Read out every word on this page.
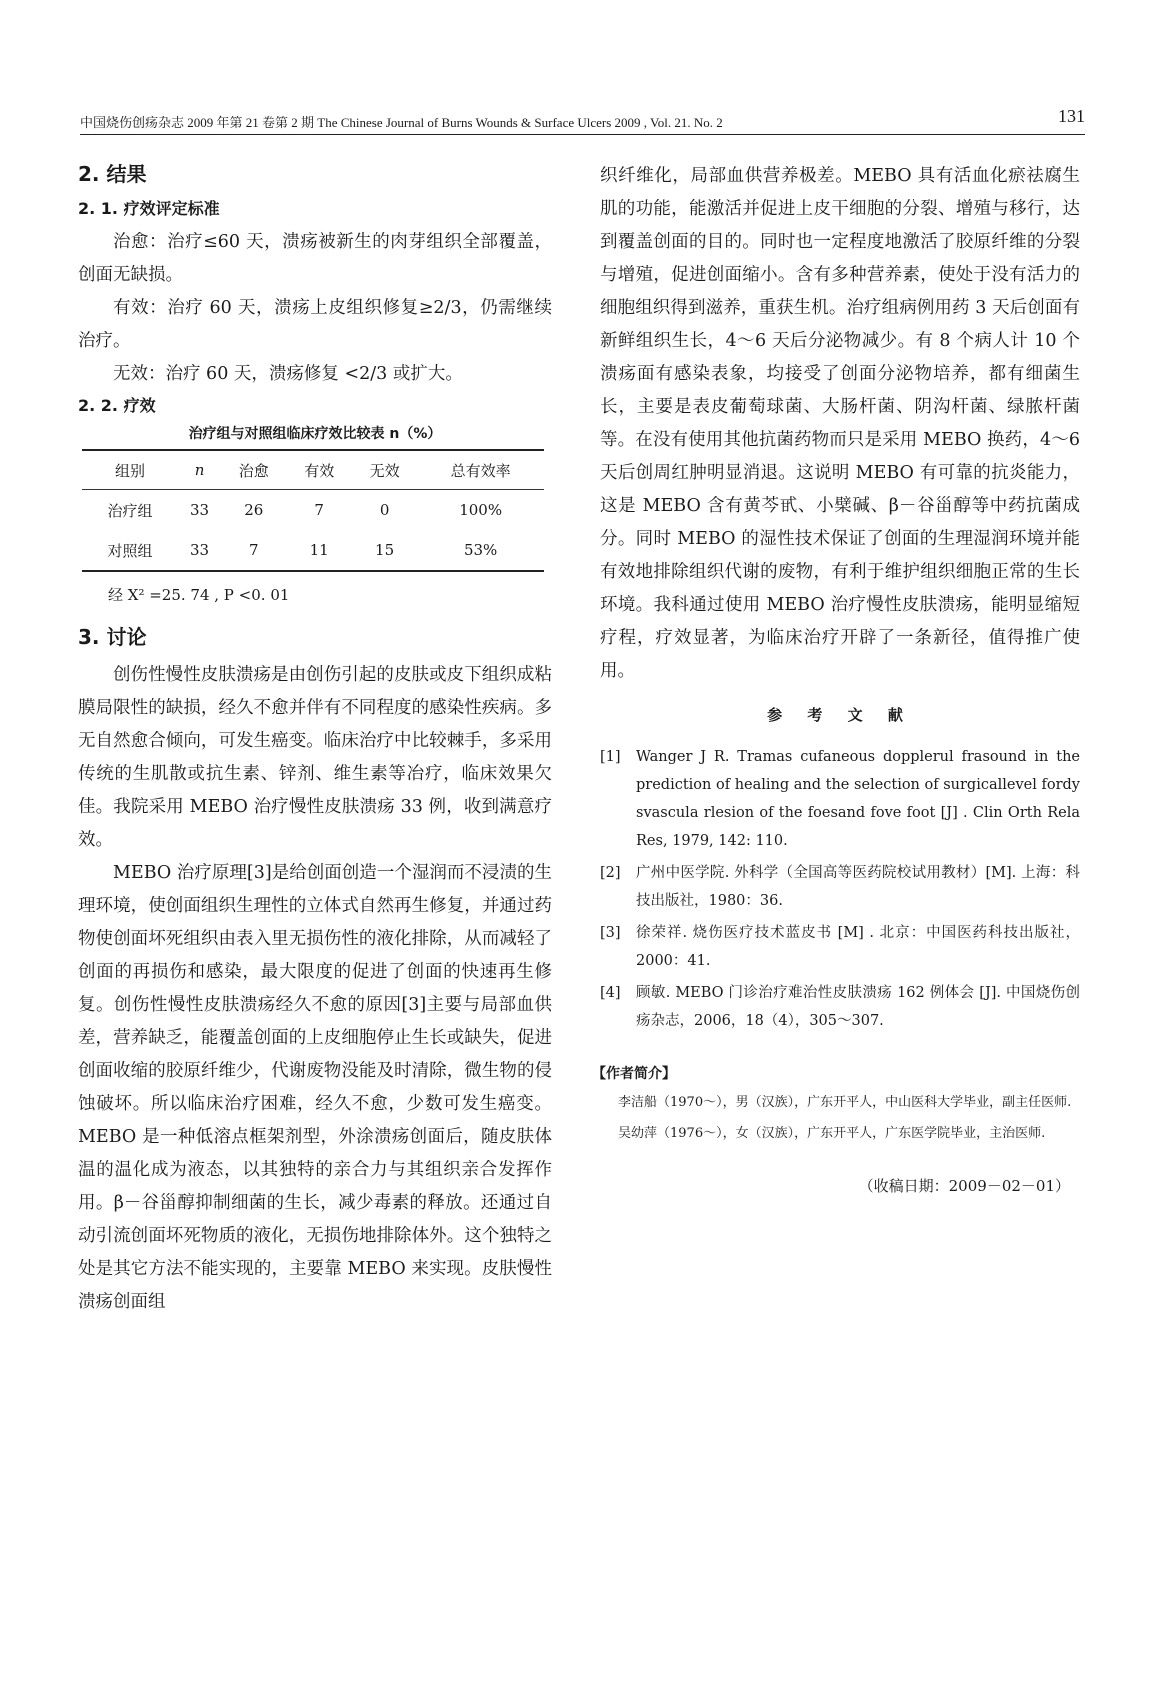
中国烧伤创疡杂志 2009 年第 21 卷第 2 期 The Chinese Journal of Burns Wounds & Surface Ulcers 2009 , Vol. 21. No. 2	131
2. 结果
2. 1. 疗效评定标准

治愈：治疗≤60 天，溃疡被新生的肉芽组织全部覆盖，创面无缺损。

有效：治疗 60 天，溃疡上皮组织修复≥2/3，仍需继续治疗。

无效：治疗 60 天，溃疡修复 <2/3 或扩大。

2. 2. 疗效
治疗组与对照组临床疗效比较表 n（%）
组别	n	治愈	有效	无效	总有效率
治疗组	33	26	7	0	100%
对照组	33	7	11	15	53%
经 X² =25. 74 , P <0. 01
3. 讨论

创伤性慢性皮肤溃疡是由创伤引起的皮肤或皮下组织成粘膜局限性的缺损，经久不愈并伴有不同程度的感染性疾病。多无自然愈合倾向，可发生癌变。临床治疗中比较棘手，多采用传统的生肌散或抗生素、锌剂、维生素等冶疗，临床效果欠佳。我院采用 MEBO 治疗慢性皮肤溃疡 33 例，收到满意疗效。

MEBO 治疗原理[3]是给创面创造一个湿润而不浸渍的生理环境，使创面组织生理性的立体式自然再生修复，并通过药物使创面坏死组织由表入里无损伤性的液化排除，从而减轻了创面的再损伤和感染，最大限度的促进了创面的快速再生修复。创伤性慢性皮肤溃疡经久不愈的原因[3]主要与局部血供差，营养缺乏，能覆盖创面的上皮细胞停止生长或缺失，促进创面收缩的胶原纤维少，代谢废物没能及时清除，微生物的侵蚀破坏。所以临床治疗困难，经久不愈，少数可发生癌变。MEBO 是一种低溶点框架剂型，外涂溃疡创面后，随皮肤体温的温化成为液态，以其独特的亲合力与其组织亲合发挥作用。β－谷甾醇抑制细菌的生长，减少毒素的释放。还通过自动引流创面坏死物质的液化，无损伤地排除体外。这个独特之处是其它方法不能实现的，主要靠 MEBO 来实现。皮肤慢性溃疡创面组

织纤维化，局部血供营养极差。MEBO 具有活血化瘀祛腐生肌的功能，能激活并促进上皮干细胞的分裂、增殖与移行，达到覆盖创面的目的。同时也一定程度地激活了胶原纤维的分裂与增殖，促进创面缩小。含有多种营养素，使处于没有活力的细胞组织得到滋养，重获生机。治疗组病例用药 3 天后创面有新鲜组织生长，4～6 天后分泌物减少。有 8 个病人计 10 个溃疡面有感染表象，均接受了创面分泌物培养，都有细菌生长，主要是表皮葡萄球菌、大肠杆菌、阴沟杆菌、绿脓杆菌等。在没有使用其他抗菌药物而只是采用 MEBO 换药，4～6 天后创周红肿明显消退。这说明 MEBO 有可靠的抗炎能力，这是 MEBO 含有黄芩甙、小檗碱、β－谷甾醇等中药抗菌成分。同时 MEBO 的湿性技术保证了创面的生理湿润环境并能有效地排除组织代谢的废物，有利于维护组织细胞正常的生长环境。我科通过使用 MEBO 治疗慢性皮肤溃疡，能明显缩短疗程，疗效显著，为临床治疗开辟了一条新径，值得推广使用。

参 考 文 献
[1]	Wanger J R. Tramas cufaneous dopplerul frasound in the prediction of healing and the selection of surgicallevel fordy svascula rlesion of the foesand fove foot [J] . Clin Orth Rela Res, 1979, 142: 110.
[2]	广州中医学院. 外科学（全国高等医药院校试用教材）[M]. 上海：科技出版社，1980：36.
[3]	徐荣祥. 烧伤医疗技术蓝皮书 [M] . 北京：中国医药科技出版社，2000：41.
[4]	顾敏. MEBO 门诊治疗难治性皮肤溃疡 162 例体会 [J]. 中国烧伤创疡杂志，2006，18（4），305～307.
【作者简介】

李洁船（1970～），男（汉族），广东开平人，中山医科大学毕业，副主任医师.

吴幼萍（1976～），女（汉族），广东开平人，广东医学院毕业，主治医师.

（收稿日期：2009－02－01）
